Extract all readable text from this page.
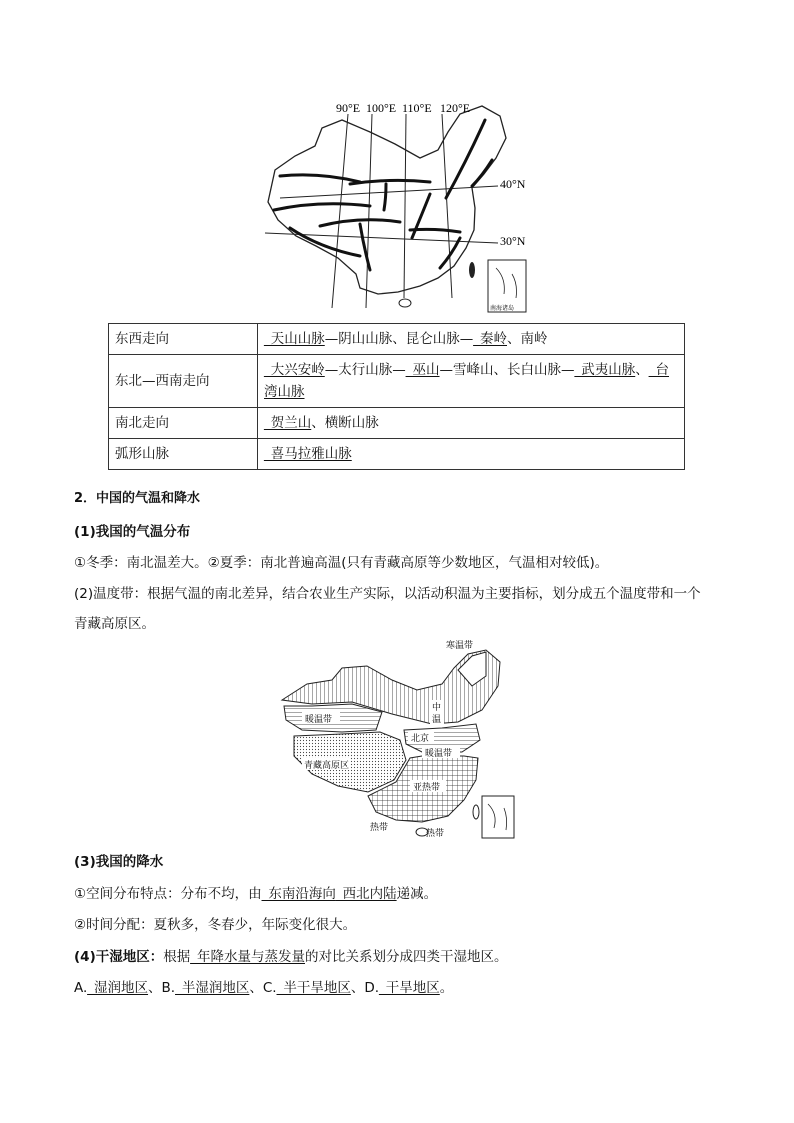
90°E 100°E 110°E 120°E
40°N
30°N
南海诸岛
东西走向	_天山山脉—阴山山脉、昆仑山脉—_秦岭、南岭
东北—西南走向	_大兴安岭—太行山脉—_巫山—雪峰山、长白山脉—_武夷山脉、_台湾山脉
南北走向	_贺兰山、横断山脉
弧形山脉	_喜马拉雅山脉
2．中国的气温和降水
(1)我国的气温分布
①冬季：南北温差大。②夏季：南北普遍高温(只有青藏高原等少数地区，气温相对较低)。
(2)温度带：根据气温的南北差异，结合农业生产实际，以活动积温为主要指标，划分成五个温度带和一个
青藏高原区。
寒温带
暖温带
中 温
青藏高原区
北京
暖温带
亚热带
热带
热带
(3)我国的降水
①空间分布特点：分布不均，由_东南沿海向_西北内陆递减。
②时间分配：夏秋多，冬春少，年际变化很大。
(4)干湿地区：根据_年降水量与蒸发量的对比关系划分成四类干湿地区。
A._湿润地区、B._半湿润地区、C._半干旱地区、D._干旱地区。
